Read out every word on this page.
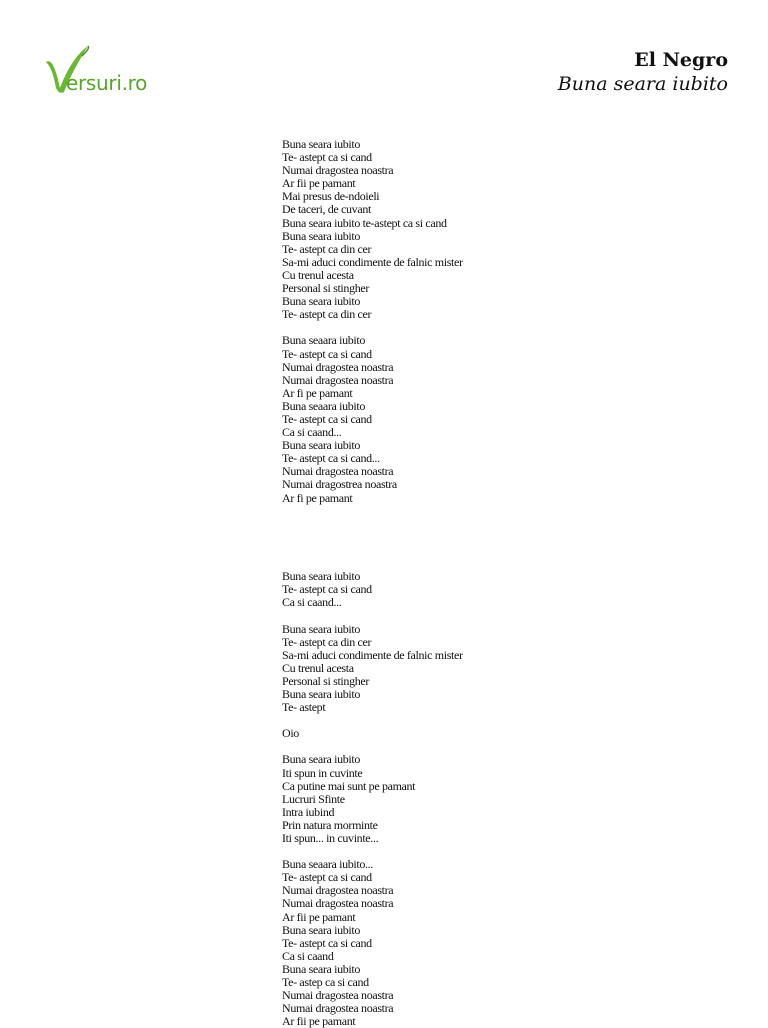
ersuri.ro
El Negro
Buna seara iubito
Buna seara iubito
Te- astept ca si cand
Numai dragostea noastra
Ar fii pe pamant
Mai presus de-ndoieli
De taceri, de cuvant
Buna seara iubito te-astept ca si cand
Buna seara iubito
Te- astept ca din cer
Sa-mi aduci condimente de falnic mister
Cu trenul acesta
Personal si stingher
Buna seara iubito
Te- astept ca din cer
Buna seaara iubito
Te- astept ca si cand
Numai dragostea noastra
Numai dragostea noastra
Ar fi pe pamant
Buna seaara iubito
Te- astept ca si cand
Ca si caand...
Buna seara iubito
Te- astept ca si cand...
Numai dragostea noastra
Numai dragostrea noastra
Ar fi pe pamant
Buna seara iubito
Te- astept ca si cand
Ca si caand...
Buna seara iubito
Te- astept ca din cer
Sa-mi aduci condimente de falnic mister
Cu trenul acesta
Personal si stingher
Buna seara iubito
Te- astept
Oio
Buna seara iubito
Iti spun in cuvinte
Ca putine mai sunt pe pamant
Lucruri Sfinte
Intra iubind
Prin natura morminte
Iti spun... in cuvinte...
Buna seaara iubito...
Te- astept ca si cand
Numai dragostea noastra
Numai dragostea noastra
Ar fii pe pamant
Buna seara iubito
Te- astept ca si cand
Ca si caand
Buna seara iubito
Te- astep ca si cand
Numai dragostea noastra
Numai dragostea noastra
Ar fii pe pamant
